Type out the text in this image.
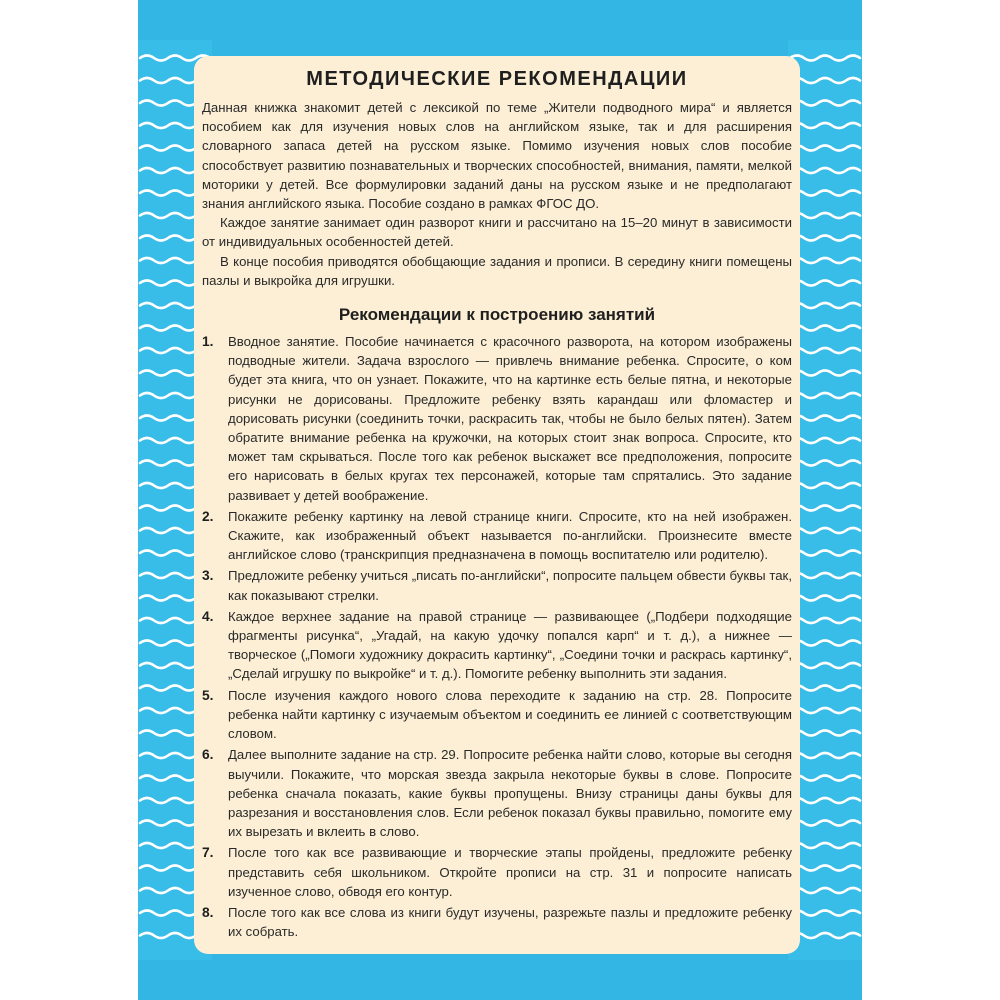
МЕТОДИЧЕСКИЕ РЕКОМЕНДАЦИИ

Данная книжка знакомит детей с лексикой по теме „Жители подводного мира“ и является пособием как для изучения новых слов на английском языке, так и для расширения словарного запаса детей на русском языке. Помимо изучения новых слов пособие способствует развитию познавательных и творческих способностей, внимания, памяти, мелкой моторики у детей. Все формулировки заданий даны на русском языке и не предполагают знания английского языка. Пособие создано в рамках ФГОС ДО.

Каждое занятие занимает один разворот книги и рассчитано на 15–20 минут в зависимости от индивидуальных особенностей детей.

В конце пособия приводятся обобщающие задания и прописи. В середину книги помещены пазлы и выкройка для игрушки.

Рекомендации к построению занятий
1.	Вводное занятие. Пособие начинается с красочного разворота, на котором изображены подводные жители. Задача взрослого — привлечь внимание ребенка. Спросите, о ком будет эта книга, что он узнает. Покажите, что на картинке есть белые пятна, и некоторые рисунки не дорисованы. Предложите ребенку взять карандаш или фломастер и дорисовать рисунки (соединить точки, раскрасить так, чтобы не было белых пятен). Затем обратите внимание ребенка на кружочки, на которых стоит знак вопроса. Спросите, кто может там скрываться. После того как ребенок выскажет все предположения, попросите его нарисовать в белых кругах тех персонажей, которые там спрятались. Это задание развивает у детей воображение.
2.	Покажите ребенку картинку на левой странице книги. Спросите, кто на ней изображен. Скажите, как изображенный объект называется по-английски. Произнесите вместе английское слово (транскрипция предназначена в помощь воспитателю или родителю).
3.	Предложите ребенку учиться „писать по-английски“, попросите пальцем обвести буквы так, как показывают стрелки.
4.	Каждое верхнее задание на правой странице — развивающее („Подбери подходящие фрагменты рисунка“, „Угадай, на какую удочку попался карп“ и т. д.), а нижнее — творческое („Помоги художнику докрасить картинку“, „Соедини точки и раскрась картинку“, „Сделай игрушку по выкройке“ и т. д.). Помогите ребенку выполнить эти задания.
5.	После изучения каждого нового слова переходите к заданию на стр. 28. Попросите ребенка найти картинку с изучаемым объектом и соединить ее линией с соответствующим словом.
6.	Далее выполните задание на стр. 29. Попросите ребенка найти слово, которые вы сегодня выучили. Покажите, что морская звезда закрыла некоторые буквы в слове. Попросите ребенка сначала показать, какие буквы пропущены. Внизу страницы даны буквы для разрезания и восстановления слов. Если ребенок показал буквы правильно, помогите ему их вырезать и вклеить в слово.
7.	После того как все развивающие и творческие этапы пройдены, предложите ребенку представить себя школьником. Откройте прописи на стр. 31 и попросите написать изученное слово, обводя его контур.
8.	После того как все слова из книги будут изучены, разрежьте пазлы и предложите ребенку их собрать.
